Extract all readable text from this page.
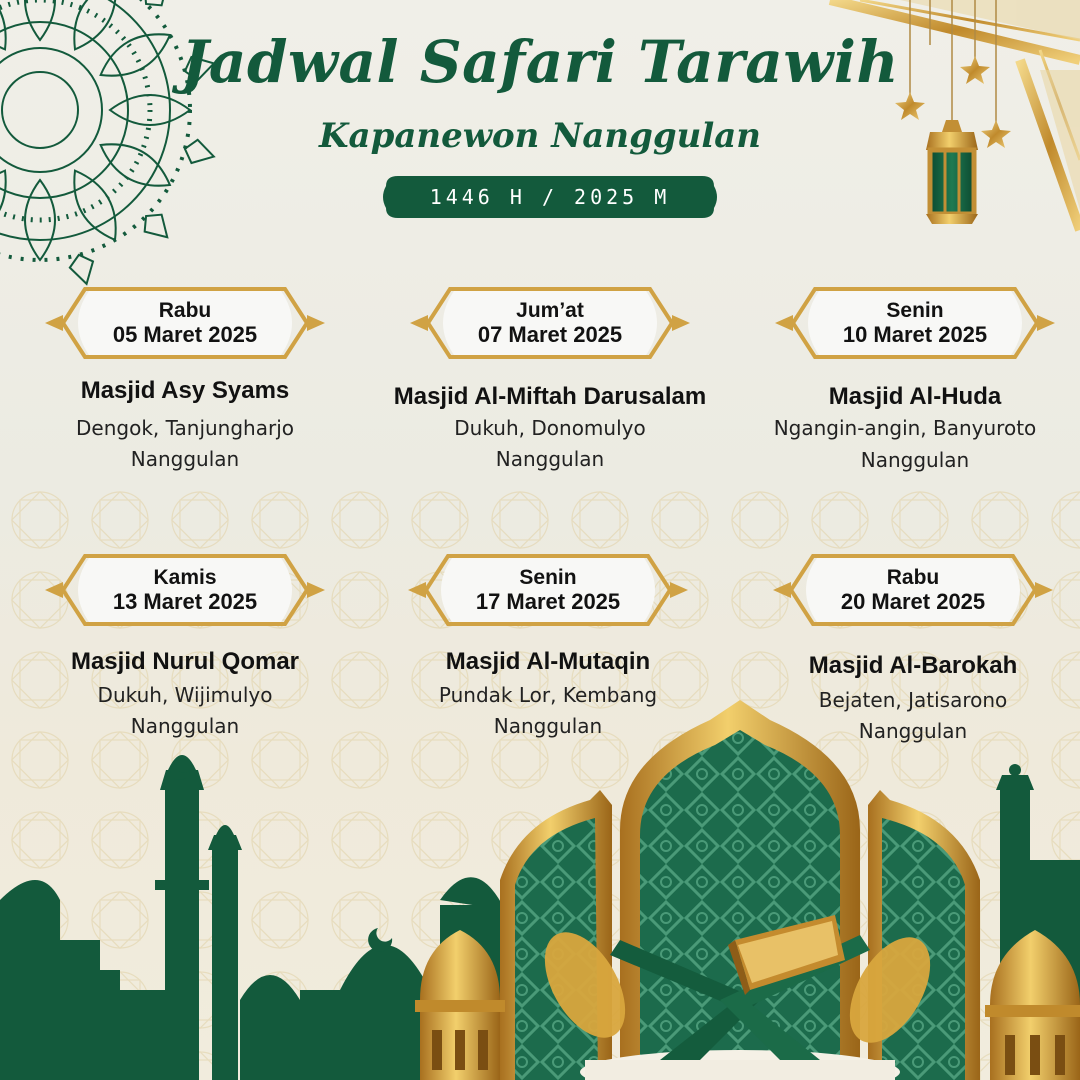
Jadwal Safari Tarawih
Kapanewon Nanggulan
1446 H / 2025 M
Rabu
05 Maret 2025
Masjid Asy Syams
Dengok, Tanjungharjo
Nanggulan
Jum’at
07 Maret 2025
Masjid Al-Miftah Darusalam
Dukuh, Donomulyo
Nanggulan
Senin
10 Maret 2025
Masjid Al-Huda
Ngangin-angin, Banyuroto
Nanggulan
Kamis
13 Maret 2025
Masjid Nurul Qomar
Dukuh, Wijimulyo
Nanggulan
Senin
17 Maret 2025
Masjid Al-Mutaqin
Pundak Lor, Kembang
Nanggulan
Rabu
20 Maret 2025
Masjid Al-Barokah
Bejaten, Jatisarono
Nanggulan
